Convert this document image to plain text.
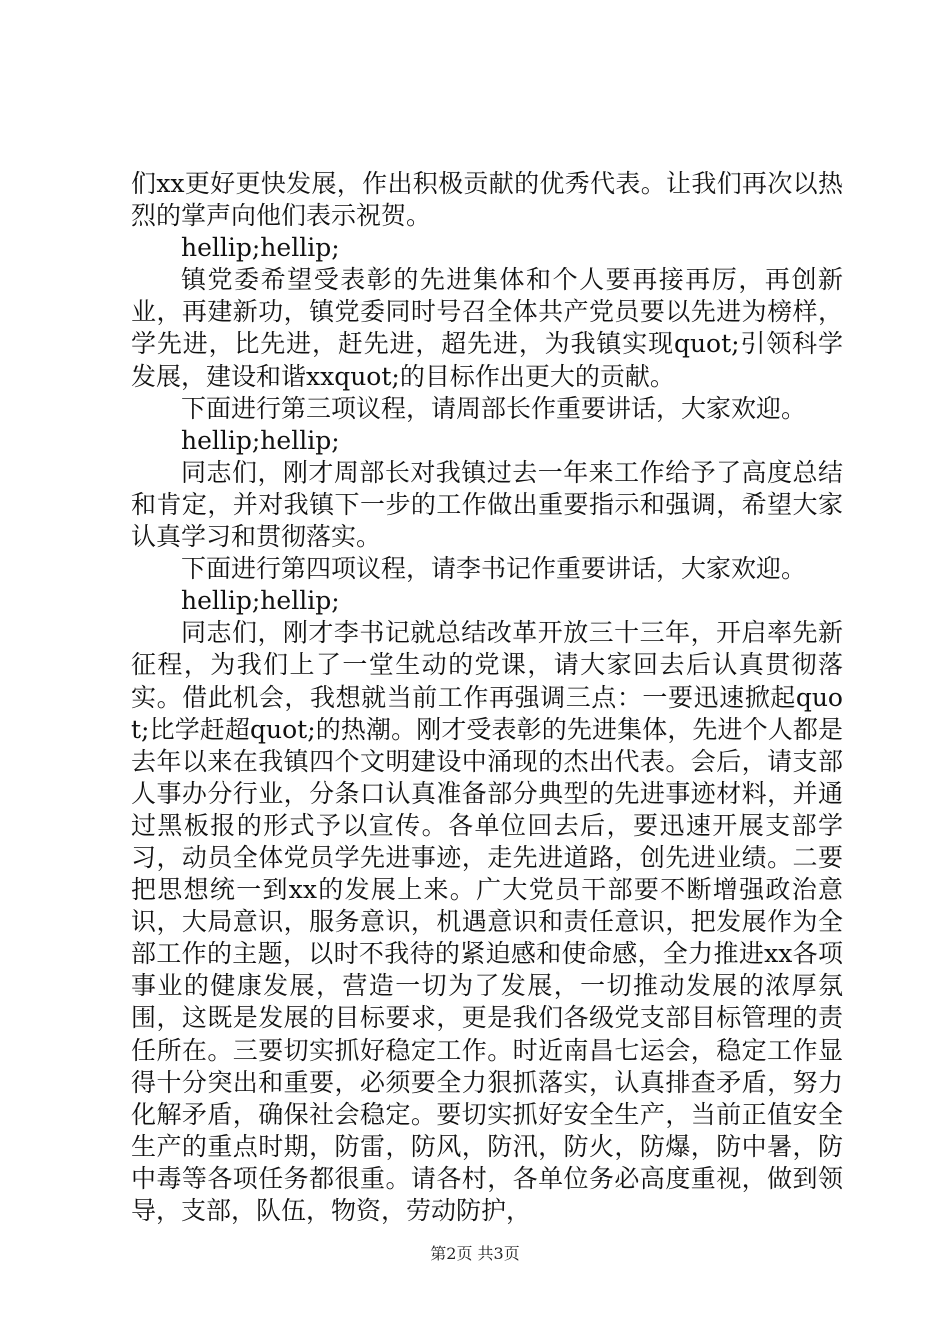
们xx更好更快发展，作出积极贡献的优秀代表。让我们再次以热烈的掌声向他们表示祝贺。

hellip;hellip;

镇党委希望受表彰的先进集体和个人要再接再厉，再创新业，再建新功，镇党委同时号召全体共产党员要以先进为榜样，学先进，比先进，赶先进，超先进，为我镇实现quot;引领科学发展，建设和谐xxquot;的目标作出更大的贡献。

下面进行第三项议程，请周部长作重要讲话，大家欢迎。

hellip;hellip;

同志们，刚才周部长对我镇过去一年来工作给予了高度总结和肯定，并对我镇下一步的工作做出重要指示和强调，希望大家认真学习和贯彻落实。

下面进行第四项议程，请李书记作重要讲话，大家欢迎。

hellip;hellip;

同志们，刚才李书记就总结改革开放三十三年，开启率先新征程，为我们上了一堂生动的党课，请大家回去后认真贯彻落实。借此机会，我想就当前工作再强调三点：一要迅速掀起quot;比学赶超quot;的热潮。刚才受表彰的先进集体，先进个人都是去年以来在我镇四个文明建设中涌现的杰出代表。会后，请支部人事办分行业，分条口认真准备部分典型的先进事迹材料，并通过黑板报的形式予以宣传。各单位回去后，要迅速开展支部学习，动员全体党员学先进事迹，走先进道路，创先进业绩。二要把思想统一到xx的发展上来。广大党员干部要不断增强政治意识，大局意识，服务意识，机遇意识和责任意识，把发展作为全部工作的主题，以时不我待的紧迫感和使命感，全力推进xx各项事业的健康发展，营造一切为了发展，一切推动发展的浓厚氛围，这既是发展的目标要求，更是我们各级党支部目标管理的责任所在。三要切实抓好稳定工作。时近南昌七运会，稳定工作显得十分突出和重要，必须要全力狠抓落实，认真排查矛盾，努力化解矛盾，确保社会稳定。要切实抓好安全生产，当前正值安全生产的重点时期，防雷，防风，防汛，防火，防爆，防中暑，防中毒等各项任务都很重。请各村，各单位务必高度重视，做到领导，支部，队伍，物资，劳动防护，

第2页 共3页
